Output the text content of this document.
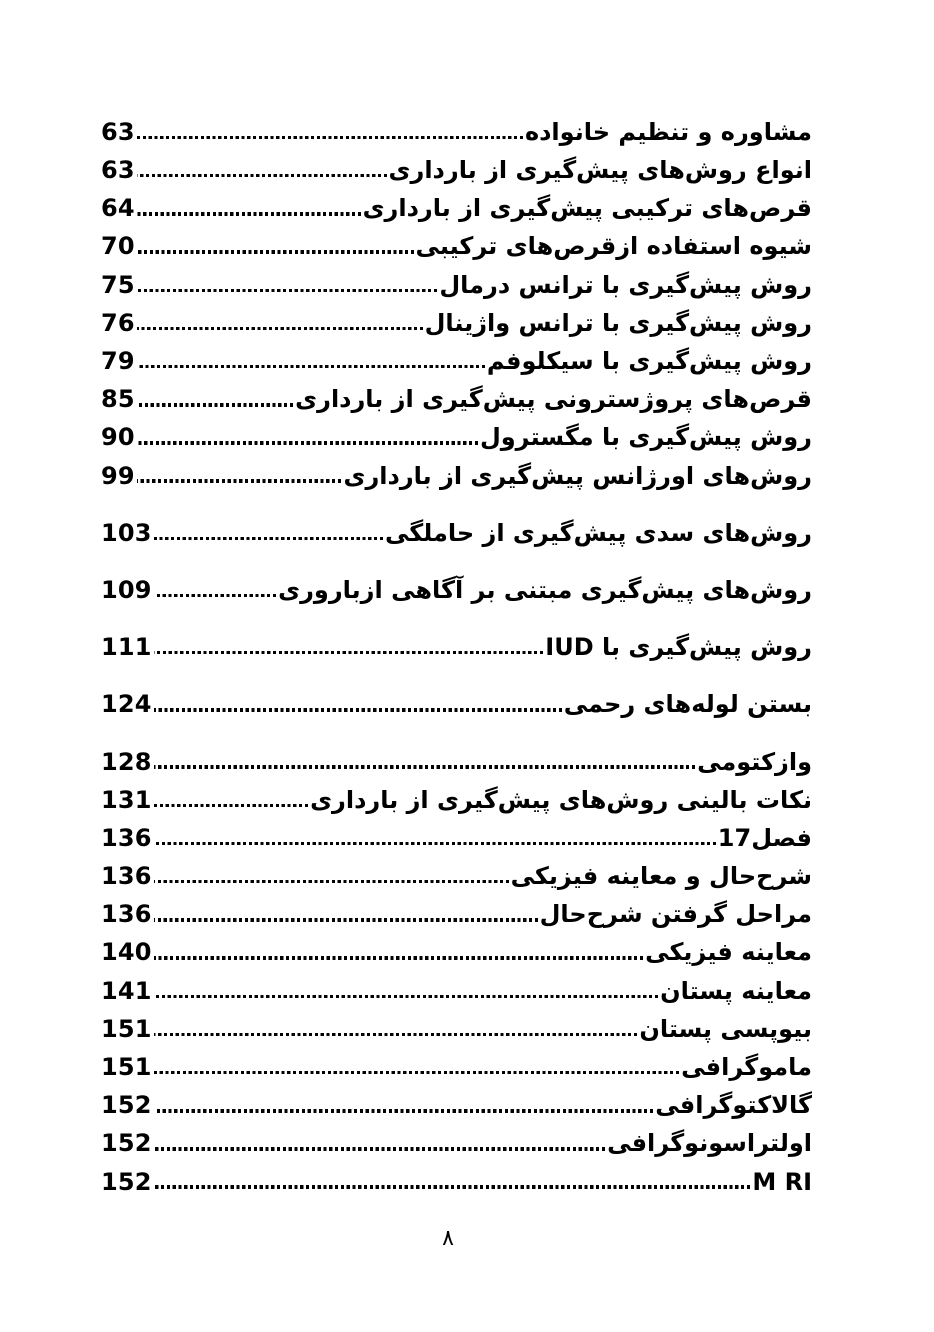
مشاوره و تنظیم خانواده
63
انواع روش‌های پیش‌گیری از بارداری
63
قرص‌های ترکیبی پیش‌گیری از بارداری
64
شیوه استفاده ازقرص‌های ترکیبی
70
روش پیش‌گیری با ترانس درمال
75
روش پیش‌گیری با ترانس واژینال
76
روش پیش‌گیری با سیکلوفم
79
قرص‌های پروژسترونی پیش‌گیری از بارداری
85
روش پیش‌گیری با مگسترول
90
روش‌های اورژانس پیش‌گیری از بارداری
99
روش‌های سدی پیش‌گیری از حاملگی
103
روش‌های پیش‌گیری مبتنی بر آگاهی ازباروری
109
روش پیش‌گیری با IUD
111
بستن لوله‌های رحمی
124
وازکتومی
128
نکات بالینی روش‌های پیش‌گیری از بارداری
131
فصل17
136
شرح‌حال و معاینه فیزیکی
136
مراحل گرفتن شرح‌حال
136
معاینه فیزیکی
140
معاینه پستان
141
بیوپسی پستان
151
ماموگرافی
151
گالاکتوگرافی
152
اولتراسونوگرافی
152
M RI
152
۸
